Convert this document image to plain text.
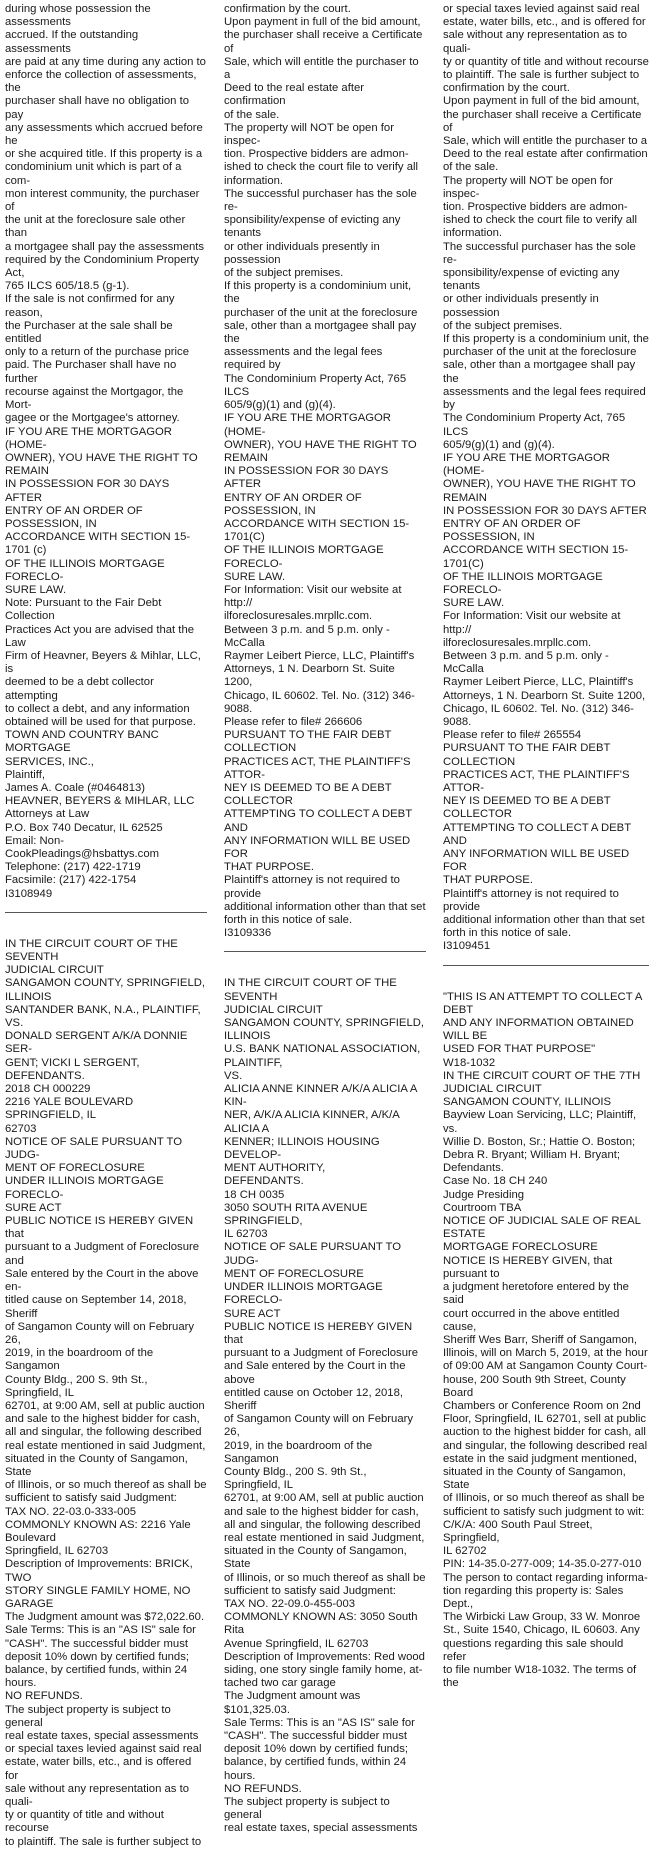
during whose possession the assessments
accrued. If the outstanding assessments
are paid at any time during any action to
enforce the collection of assessments, the
purchaser shall have no obligation to pay
any assessments which accrued before he
or she acquired title. If this property is a
condominium unit which is part of a com-
mon interest community, the purchaser of
the unit at the foreclosure sale other than
a mortgagee shall pay the assessments
required by the Condominium Property Act,
765 ILCS 605/18.5 (g-1).
If the sale is not confirmed for any reason,
the Purchaser at the sale shall be entitled
only to a return of the purchase price
paid. The Purchaser shall have no further
recourse against the Mortgagor, the Mort-
gagee or the Mortgagee's attorney.
IF YOU ARE THE MORTGAGOR (HOME-
OWNER), YOU HAVE THE RIGHT TO REMAIN
IN POSSESSION FOR 30 DAYS AFTER
ENTRY OF AN ORDER OF POSSESSION, IN
ACCORDANCE WITH SECTION 15-1701 (c)
OF THE ILLINOIS MORTGAGE FORECLO-
SURE LAW.
Note: Pursuant to the Fair Debt Collection
Practices Act you are advised that the Law
Firm of Heavner, Beyers & Mihlar, LLC, is
deemed to be a debt collector attempting
to collect a debt, and any information
obtained will be used for that purpose.
TOWN AND COUNTRY BANC MORTGAGE
SERVICES, INC.,
Plaintiff,
James A. Coale (#0464813)
HEAVNER, BEYERS & MIHLAR, LLC
Attorneys at Law
P.O. Box 740 Decatur, IL 62525
Email: Non-CookPleadings@hsbattys.com
Telephone: (217) 422-1719
Facsimile: (217) 422-1754
I3108949
IN THE CIRCUIT COURT OF THE SEVENTH
JUDICIAL CIRCUIT
SANGAMON COUNTY, SPRINGFIELD,
ILLINOIS
SANTANDER BANK, N.A., PLAINTIFF,
VS.
DONALD SERGENT A/K/A DONNIE SER-
GENT; VICKI L SERGENT, DEFENDANTS.
2018 CH 000229
2216 YALE BOULEVARD SPRINGFIELD, IL
62703
NOTICE OF SALE PURSUANT TO JUDG-
MENT OF FORECLOSURE
UNDER ILLINOIS MORTGAGE FORECLO-
SURE ACT
PUBLIC NOTICE IS HEREBY GIVEN that
pursuant to a Judgment of Foreclosure and
Sale entered by the Court in the above en-
titled cause on September 14, 2018, Sheriff
of Sangamon County will on February 26,
2019, in the boardroom of the Sangamon
County Bldg., 200 S. 9th St., Springfield, IL
62701, at 9:00 AM, sell at public auction
and sale to the highest bidder for cash,
all and singular, the following described
real estate mentioned in said Judgment,
situated in the County of Sangamon, State
of Illinois, or so much thereof as shall be
sufficient to satisfy said Judgment:
TAX NO. 22-03.0-333-005
COMMONLY KNOWN AS: 2216 Yale
Boulevard
Springfield, IL 62703
Description of Improvements: BRICK, TWO
STORY SINGLE FAMILY HOME, NO GARAGE
The Judgment amount was $72,022.60.
Sale Terms: This is an "AS IS" sale for
"CASH". The successful bidder must
deposit 10% down by certified funds;
balance, by certified funds, within 24 hours.
NO REFUNDS.
The subject property is subject to general
real estate taxes, special assessments
or special taxes levied against said real
estate, water bills, etc., and is offered for
sale without any representation as to quali-
ty or quantity of title and without recourse
to plaintiff. The sale is further subject to
confirmation by the court.
Upon payment in full of the bid amount,
the purchaser shall receive a Certificate of
Sale, which will entitle the purchaser to a
Deed to the real estate after confirmation
of the sale.
The property will NOT be open for inspec-
tion. Prospective bidders are admon-
ished to check the court file to verify all
information.
The successful purchaser has the sole re-
sponsibility/expense of evicting any tenants
or other individuals presently in possession
of the subject premises.
If this property is a condominium unit, the
purchaser of the unit at the foreclosure
sale, other than a mortgagee shall pay the
assessments and the legal fees required by
The Condominium Property Act, 765 ILCS
605/9(g)(1) and (g)(4).
IF YOU ARE THE MORTGAGOR (HOME-
OWNER), YOU HAVE THE RIGHT TO REMAIN
IN POSSESSION FOR 30 DAYS AFTER
ENTRY OF AN ORDER OF POSSESSION, IN
ACCORDANCE WITH SECTION 15-1701(C)
OF THE ILLINOIS MORTGAGE FORECLO-
SURE LAW.
For Information: Visit our website at http://
ilforeclosuresales.mrpllc.com.
Between 3 p.m. and 5 p.m. only - McCalla
Raymer Leibert Pierce, LLC, Plaintiff's
Attorneys, 1 N. Dearborn St. Suite 1200,
Chicago, IL 60602. Tel. No. (312) 346-9088.
Please refer to file# 266606
PURSUANT TO THE FAIR DEBT COLLECTION
PRACTICES ACT, THE PLAINTIFF'S ATTOR-
NEY IS DEEMED TO BE A DEBT COLLECTOR
ATTEMPTING TO COLLECT A DEBT AND
ANY INFORMATION WILL BE USED FOR
THAT PURPOSE.
Plaintiff's attorney is not required to provide
additional information other than that set
forth in this notice of sale.
I3109336
IN THE CIRCUIT COURT OF THE SEVENTH
JUDICIAL CIRCUIT
SANGAMON COUNTY, SPRINGFIELD,
ILLINOIS
U.S. BANK NATIONAL ASSOCIATION,
PLAINTIFF,
VS.
ALICIA ANNE KINNER A/K/A ALICIA A KIN-
NER, A/K/A ALICIA KINNER, A/K/A ALICIA A
KENNER; ILLINOIS HOUSING DEVELOP-
MENT AUTHORITY,
DEFENDANTS.
18 CH 0035
3050 SOUTH RITA AVENUE SPRINGFIELD,
IL 62703
NOTICE OF SALE PURSUANT TO JUDG-
MENT OF FORECLOSURE
UNDER ILLINOIS MORTGAGE FORECLO-
SURE ACT
PUBLIC NOTICE IS HEREBY GIVEN that
pursuant to a Judgment of Foreclosure
and Sale entered by the Court in the above
entitled cause on October 12, 2018, Sheriff
of Sangamon County will on February 26,
2019, in the boardroom of the Sangamon
County Bldg., 200 S. 9th St., Springfield, IL
62701, at 9:00 AM, sell at public auction
and sale to the highest bidder for cash,
all and singular, the following described
real estate mentioned in said Judgment,
situated in the County of Sangamon, State
of Illinois, or so much thereof as shall be
sufficient to satisfy said Judgment:
TAX NO. 22-09.0-455-003
COMMONLY KNOWN AS: 3050 South Rita
Avenue Springfield, IL 62703
Description of Improvements: Red wood
siding, one story single family home, at-
tached two car garage
The Judgment amount was $101,325.03.
Sale Terms: This is an "AS IS" sale for
"CASH". The successful bidder must
deposit 10% down by certified funds;
balance, by certified funds, within 24 hours.
NO REFUNDS.
The subject property is subject to general
real estate taxes, special assessments
or special taxes levied against said real
estate, water bills, etc., and is offered for
sale without any representation as to quali-
ty or quantity of title and without recourse
to plaintiff. The sale is further subject to
confirmation by the court.
Upon payment in full of the bid amount,
the purchaser shall receive a Certificate of
Sale, which will entitle the purchaser to a
Deed to the real estate after confirmation
of the sale.
The property will NOT be open for inspec-
tion. Prospective bidders are admon-
ished to check the court file to verify all
information.
The successful purchaser has the sole re-
sponsibility/expense of evicting any tenants
or other individuals presently in possession
of the subject premises.
If this property is a condominium unit, the
purchaser of the unit at the foreclosure
sale, other than a mortgagee shall pay the
assessments and the legal fees required by
The Condominium Property Act, 765 ILCS
605/9(g)(1) and (g)(4).
IF YOU ARE THE MORTGAGOR (HOME-
OWNER), YOU HAVE THE RIGHT TO REMAIN
IN POSSESSION FOR 30 DAYS AFTER
ENTRY OF AN ORDER OF POSSESSION, IN
ACCORDANCE WITH SECTION 15-1701(C)
OF THE ILLINOIS MORTGAGE FORECLO-
SURE LAW.
For Information: Visit our website at http://
ilforeclosuresales.mrpllc.com.
Between 3 p.m. and 5 p.m. only - McCalla
Raymer Leibert Pierce, LLC, Plaintiff's
Attorneys, 1 N. Dearborn St. Suite 1200,
Chicago, IL 60602. Tel. No. (312) 346-9088.
Please refer to file# 265554
PURSUANT TO THE FAIR DEBT COLLECTION
PRACTICES ACT, THE PLAINTIFF'S ATTOR-
NEY IS DEEMED TO BE A DEBT COLLECTOR
ATTEMPTING TO COLLECT A DEBT AND
ANY INFORMATION WILL BE USED FOR
THAT PURPOSE.
Plaintiff's attorney is not required to provide
additional information other than that set
forth in this notice of sale.
I3109451
"THIS IS AN ATTEMPT TO COLLECT A DEBT
AND ANY INFORMATION OBTAINED WILL BE
USED FOR THAT PURPOSE"
W18-1032
IN THE CIRCUIT COURT OF THE 7TH
JUDICIAL CIRCUIT
SANGAMON COUNTY, ILLINOIS
Bayview Loan Servicing, LLC; Plaintiff,
vs.
Willie D. Boston, Sr.; Hattie O. Boston;
Debra R. Bryant; William H. Bryant;
Defendants.
Case No. 18 CH 240
Judge Presiding
Courtroom TBA
NOTICE OF JUDICIAL SALE OF REAL
ESTATE
MORTGAGE FORECLOSURE
NOTICE IS HEREBY GIVEN, that pursuant to
a judgment heretofore entered by the said
court occurred in the above entitled cause,
Sheriff Wes Barr, Sheriff of Sangamon,
Illinois, will on March 5, 2019, at the hour
of 09:00 AM at Sangamon County Court-
house, 200 South 9th Street, County Board
Chambers or Conference Room on 2nd
Floor, Springfield, IL 62701, sell at public
auction to the highest bidder for cash, all
and singular, the following described real
estate in the said judgment mentioned,
situated in the County of Sangamon, State
of Illinois, or so much thereof as shall be
sufficient to satisfy such judgment to wit:
C/K/A: 400 South Paul Street, Springfield,
IL 62702
PIN: 14-35.0-277-009; 14-35.0-277-010
The person to contact regarding informa-
tion regarding this property is: Sales Dept.,
The Wirbicki Law Group, 33 W. Monroe
St., Suite 1540, Chicago, IL 60603. Any
questions regarding this sale should refer
to file number W18-1032. The terms of the
